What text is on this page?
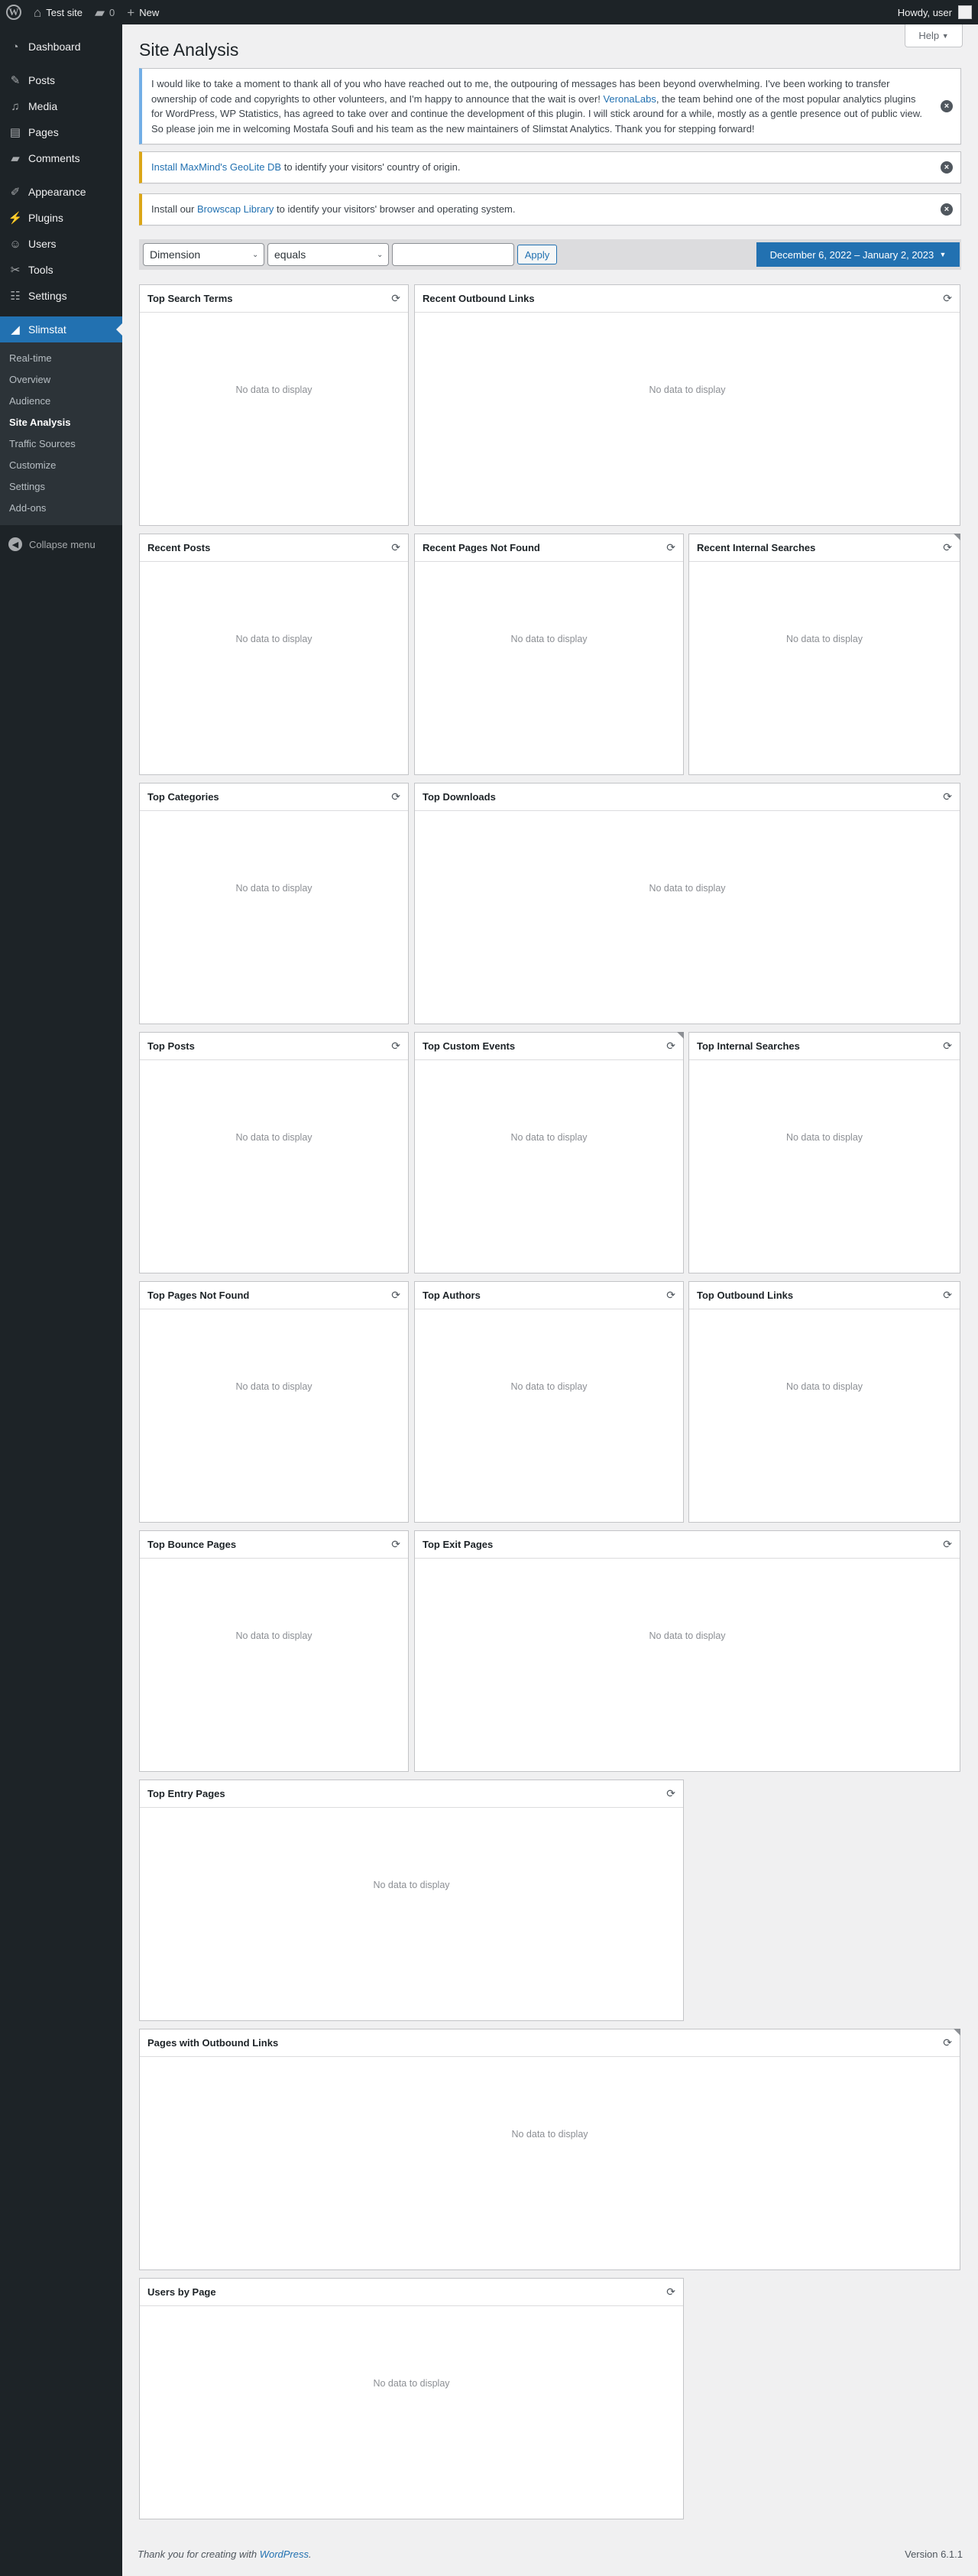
W ⌂ Test site ▰ 0 + New	Howdy, user
◔ Dashboard
✎ Posts
♫ Media
▤ Pages
▰ Comments
✐ Appearance
⚡ Plugins
☺ Users
✂ Tools
☷ Settings
◢ Slimstat
Real-time
Overview
Audience
Site Analysis
Traffic Sources
Customize
Settings
Add-ons
◀	Collapse menu
Help
▼
Site Analysis
I would like to take a moment to thank all of you who have reached out to me, the outpouring of messages has been beyond overwhelming. I've been working to transfer ownership of code and copyrights to other volunteers, and I'm happy to announce that the wait is over! VeronaLabs, the team behind one of the most popular analytics plugins for WordPress, WP Statistics, has agreed to take over and continue the development of this plugin. I will stick around for a while, mostly as a gentle presence out of public view. So please join me in welcoming Mostafa Soufi and his team as the new maintainers of Slimstat Analytics. Thank you for stepping forward!
×
Install MaxMind's GeoLite DB to identify your visitors' country of origin.	×
Install our Browscap Library to identify your visitors' browser and operating system.	×
Dimension
⌄
equals	⌄	Apply	December 6, 2022 – January 2, 2023
▼
Top Search Terms	⟳
No data to display
Recent Outbound Links	⟳
No data to display
Recent Posts	⟳
No data to display
Recent Pages Not Found	⟳
No data to display
Recent Internal Searches	⟳
No data to display
Top Categories	⟳
No data to display
Top Downloads	⟳
No data to display
Top Posts	⟳
No data to display
Top Custom Events	⟳
No data to display
Top Internal Searches	⟳
No data to display
Top Pages Not Found	⟳
No data to display
Top Authors	⟳
No data to display
Top Outbound Links	⟳
No data to display
Top Bounce Pages	⟳
No data to display
Top Exit Pages	⟳
No data to display
Top Entry Pages	⟳
No data to display
Pages with Outbound Links	⟳
No data to display
Users by Page	⟳
No data to display
Thank you for creating with WordPress.	Version 6.1.1
